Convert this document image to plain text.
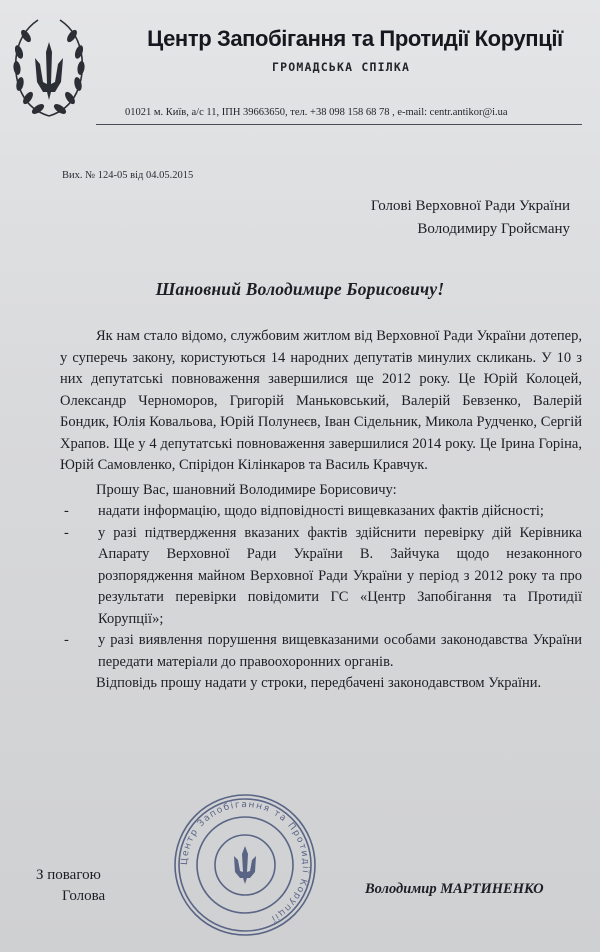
Центр Запобігання та Протидії Корупції
ГРОМАДСЬКА СПІЛКА
01021 м. Київ, а/с 11, ІПН 39663650, тел. +38 098 158 68 78 , e-mail: centr.antikor@i.ua
Вих. № 124-05 від 04.05.2015
Голові Верховної Ради України
Володимиру Гройсману
Шановний Володимире Борисовичу!

Як нам стало відомо, службовим житлом від Верховної Ради України дотепер, у суперечь закону, користуються 14 народних депутатів минулих скликань. У 10 з них депутатські повноваження завершилися ще 2012 року. Це Юрій Колоцей, Олександр Черномoров, Григорій Маньковський, Валерій Бевзенко, Валерій Бондик, Юлія Ковальова, Юрій Полунеєв, Іван Сідельник, Микола Рудченко, Сергій Храпов. Ще у 4 депутатські повноваження завершилися 2014 року. Це Ірина Горіна, Юрій Самовленко, Спірідон Кілінкаров та Василь Кравчук.

Прошу Вас, шановний Володимире Борисовичу:

- надати інформацію, щодо відповідності вищевказаних фактів дійсності;
- у разі підтвердження вказаних фактів здійснити перевірку дій Керівника Апарату Верховної Ради України В. Зайчука щодо незаконного розпорядження майном Верховної Ради України у період з 2012 року та про результати перевірки повідомити ГС «Центр Запобігання та Протидії Корупції»;
- у разі виявлення порушення вищевказаними особами законодавства України передати матеріали до правоохоронних органів.

Відповідь прошу надати у строки, передбачені законодавством України.

Центр Запобігання та Протидії Корупції
З повагою
Голова	Володимир МАРТИНЕНКО
